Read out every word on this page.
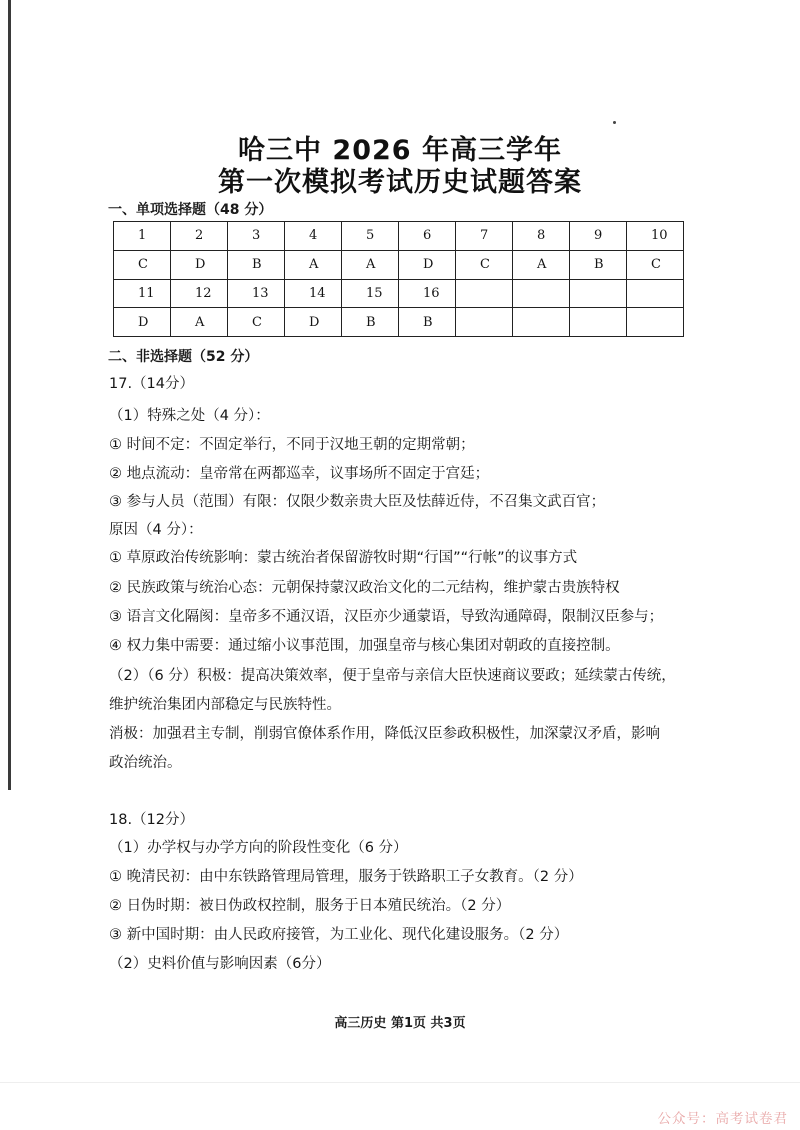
哈三中 2026 年高三学年
第一次模拟考试历史试题答案
一、单项选择题（48 分）
1	2	3	4	5	6	7	8	9	10
C	D	B	A	A	D	C	A	B	C
11	12	13	14	15	16				
D	A	C	D	B	B				
二、非选择题（52 分）
17.（14分）
（1）特殊之处（4 分）：
① 时间不定：不固定举行，不同于汉地王朝的定期常朝；
② 地点流动：皇帝常在两都巡幸，议事场所不固定于宫廷；
③ 参与人员（范围）有限：仅限少数亲贵大臣及怯薛近侍，不召集文武百官；
原因（4 分）：
① 草原政治传统影响：蒙古统治者保留游牧时期“行国”“行帐”的议事方式
② 民族政策与统治心态：元朝保持蒙汉政治文化的二元结构，维护蒙古贵族特权
③ 语言文化隔阂：皇帝多不通汉语，汉臣亦少通蒙语，导致沟通障碍，限制汉臣参与；
④ 权力集中需要：通过缩小议事范围，加强皇帝与核心集团对朝政的直接控制。
（2）（6 分）积极：提高决策效率，便于皇帝与亲信大臣快速商议要政；延续蒙古传统，
维护统治集团内部稳定与民族特性。
消极：加强君主专制，削弱官僚体系作用，降低汉臣参政积极性，加深蒙汉矛盾，影响
政治统治。
18.（12分）
（1）办学权与办学方向的阶段性变化（6 分）
① 晚清民初：由中东铁路管理局管理，服务于铁路职工子女教育。（2 分）
② 日伪时期：被日伪政权控制，服务于日本殖民统治。（2 分）
③ 新中国时期：由人民政府接管，为工业化、现代化建设服务。（2 分）
（2）史料价值与影响因素（6分）
高三历史 第1页 共3页
公众号：高考试卷君
